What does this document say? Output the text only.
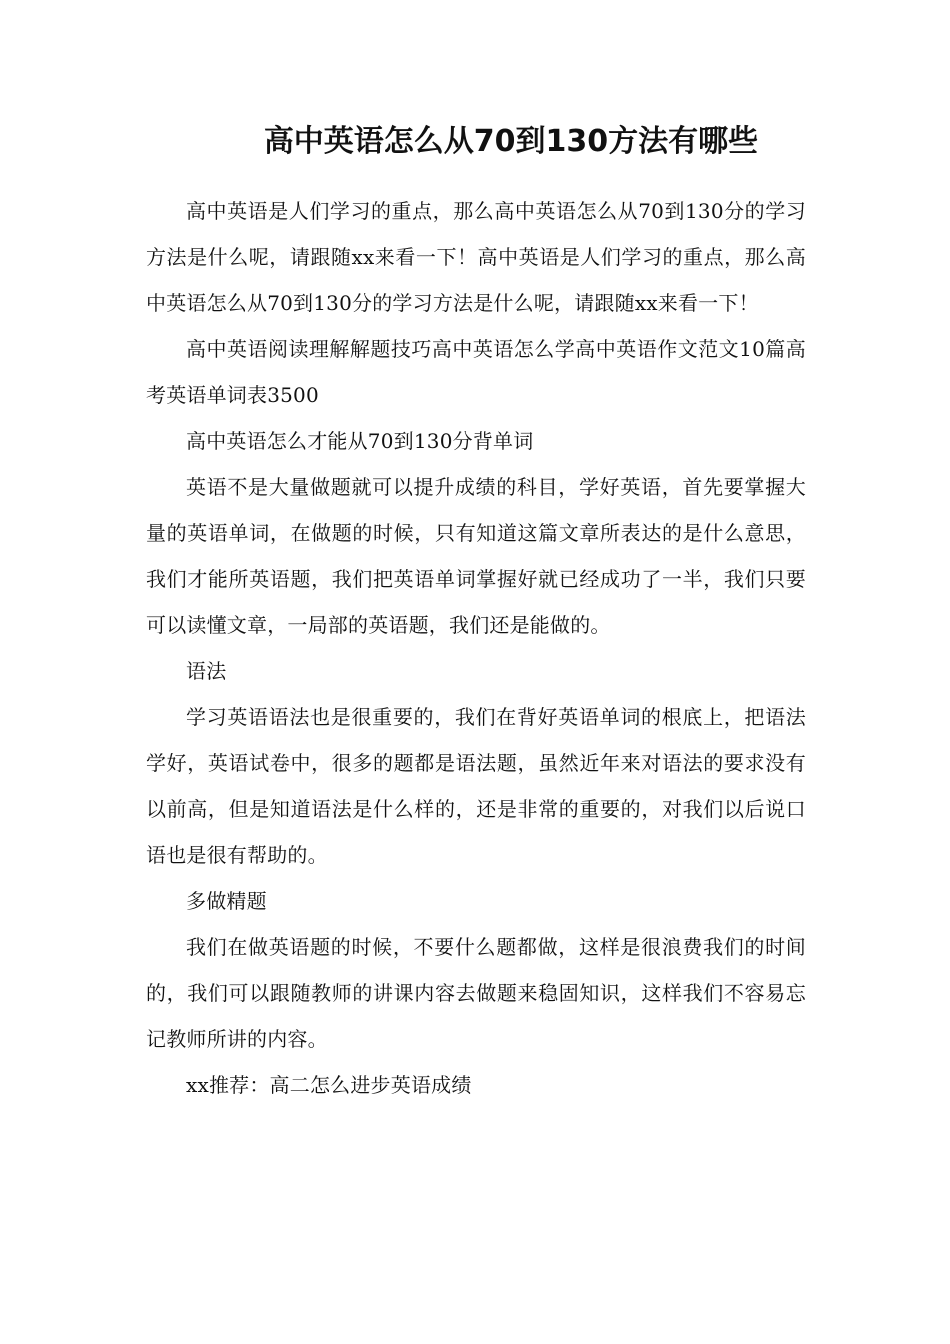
高中英语怎么从70到130方法有哪些

高中英语是人们学习的重点，那么高中英语怎么从70到130分的学习方法是什么呢，请跟随xx来看一下！高中英语是人们学习的重点，那么高中英语怎么从70到130分的学习方法是什么呢，请跟随xx来看一下！

高中英语阅读理解解题技巧高中英语怎么学高中英语作文范文10篇高考英语单词表3500

高中英语怎么才能从70到130分背单词

英语不是大量做题就可以提升成绩的科目，学好英语，首先要掌握大量的英语单词，在做题的时候，只有知道这篇文章所表达的是什么意思，我们才能所英语题，我们把英语单词掌握好就已经成功了一半，我们只要可以读懂文章，一局部的英语题，我们还是能做的。

语法

学习英语语法也是很重要的，我们在背好英语单词的根底上，把语法学好，英语试卷中，很多的题都是语法题，虽然近年来对语法的要求没有以前高，但是知道语法是什么样的，还是非常的重要的，对我们以后说口语也是很有帮助的。

多做精题

我们在做英语题的时候，不要什么题都做，这样是很浪费我们的时间的，我们可以跟随教师的讲课内容去做题来稳固知识，这样我们不容易忘记教师所讲的内容。

xx推荐：高二怎么进步英语成绩
